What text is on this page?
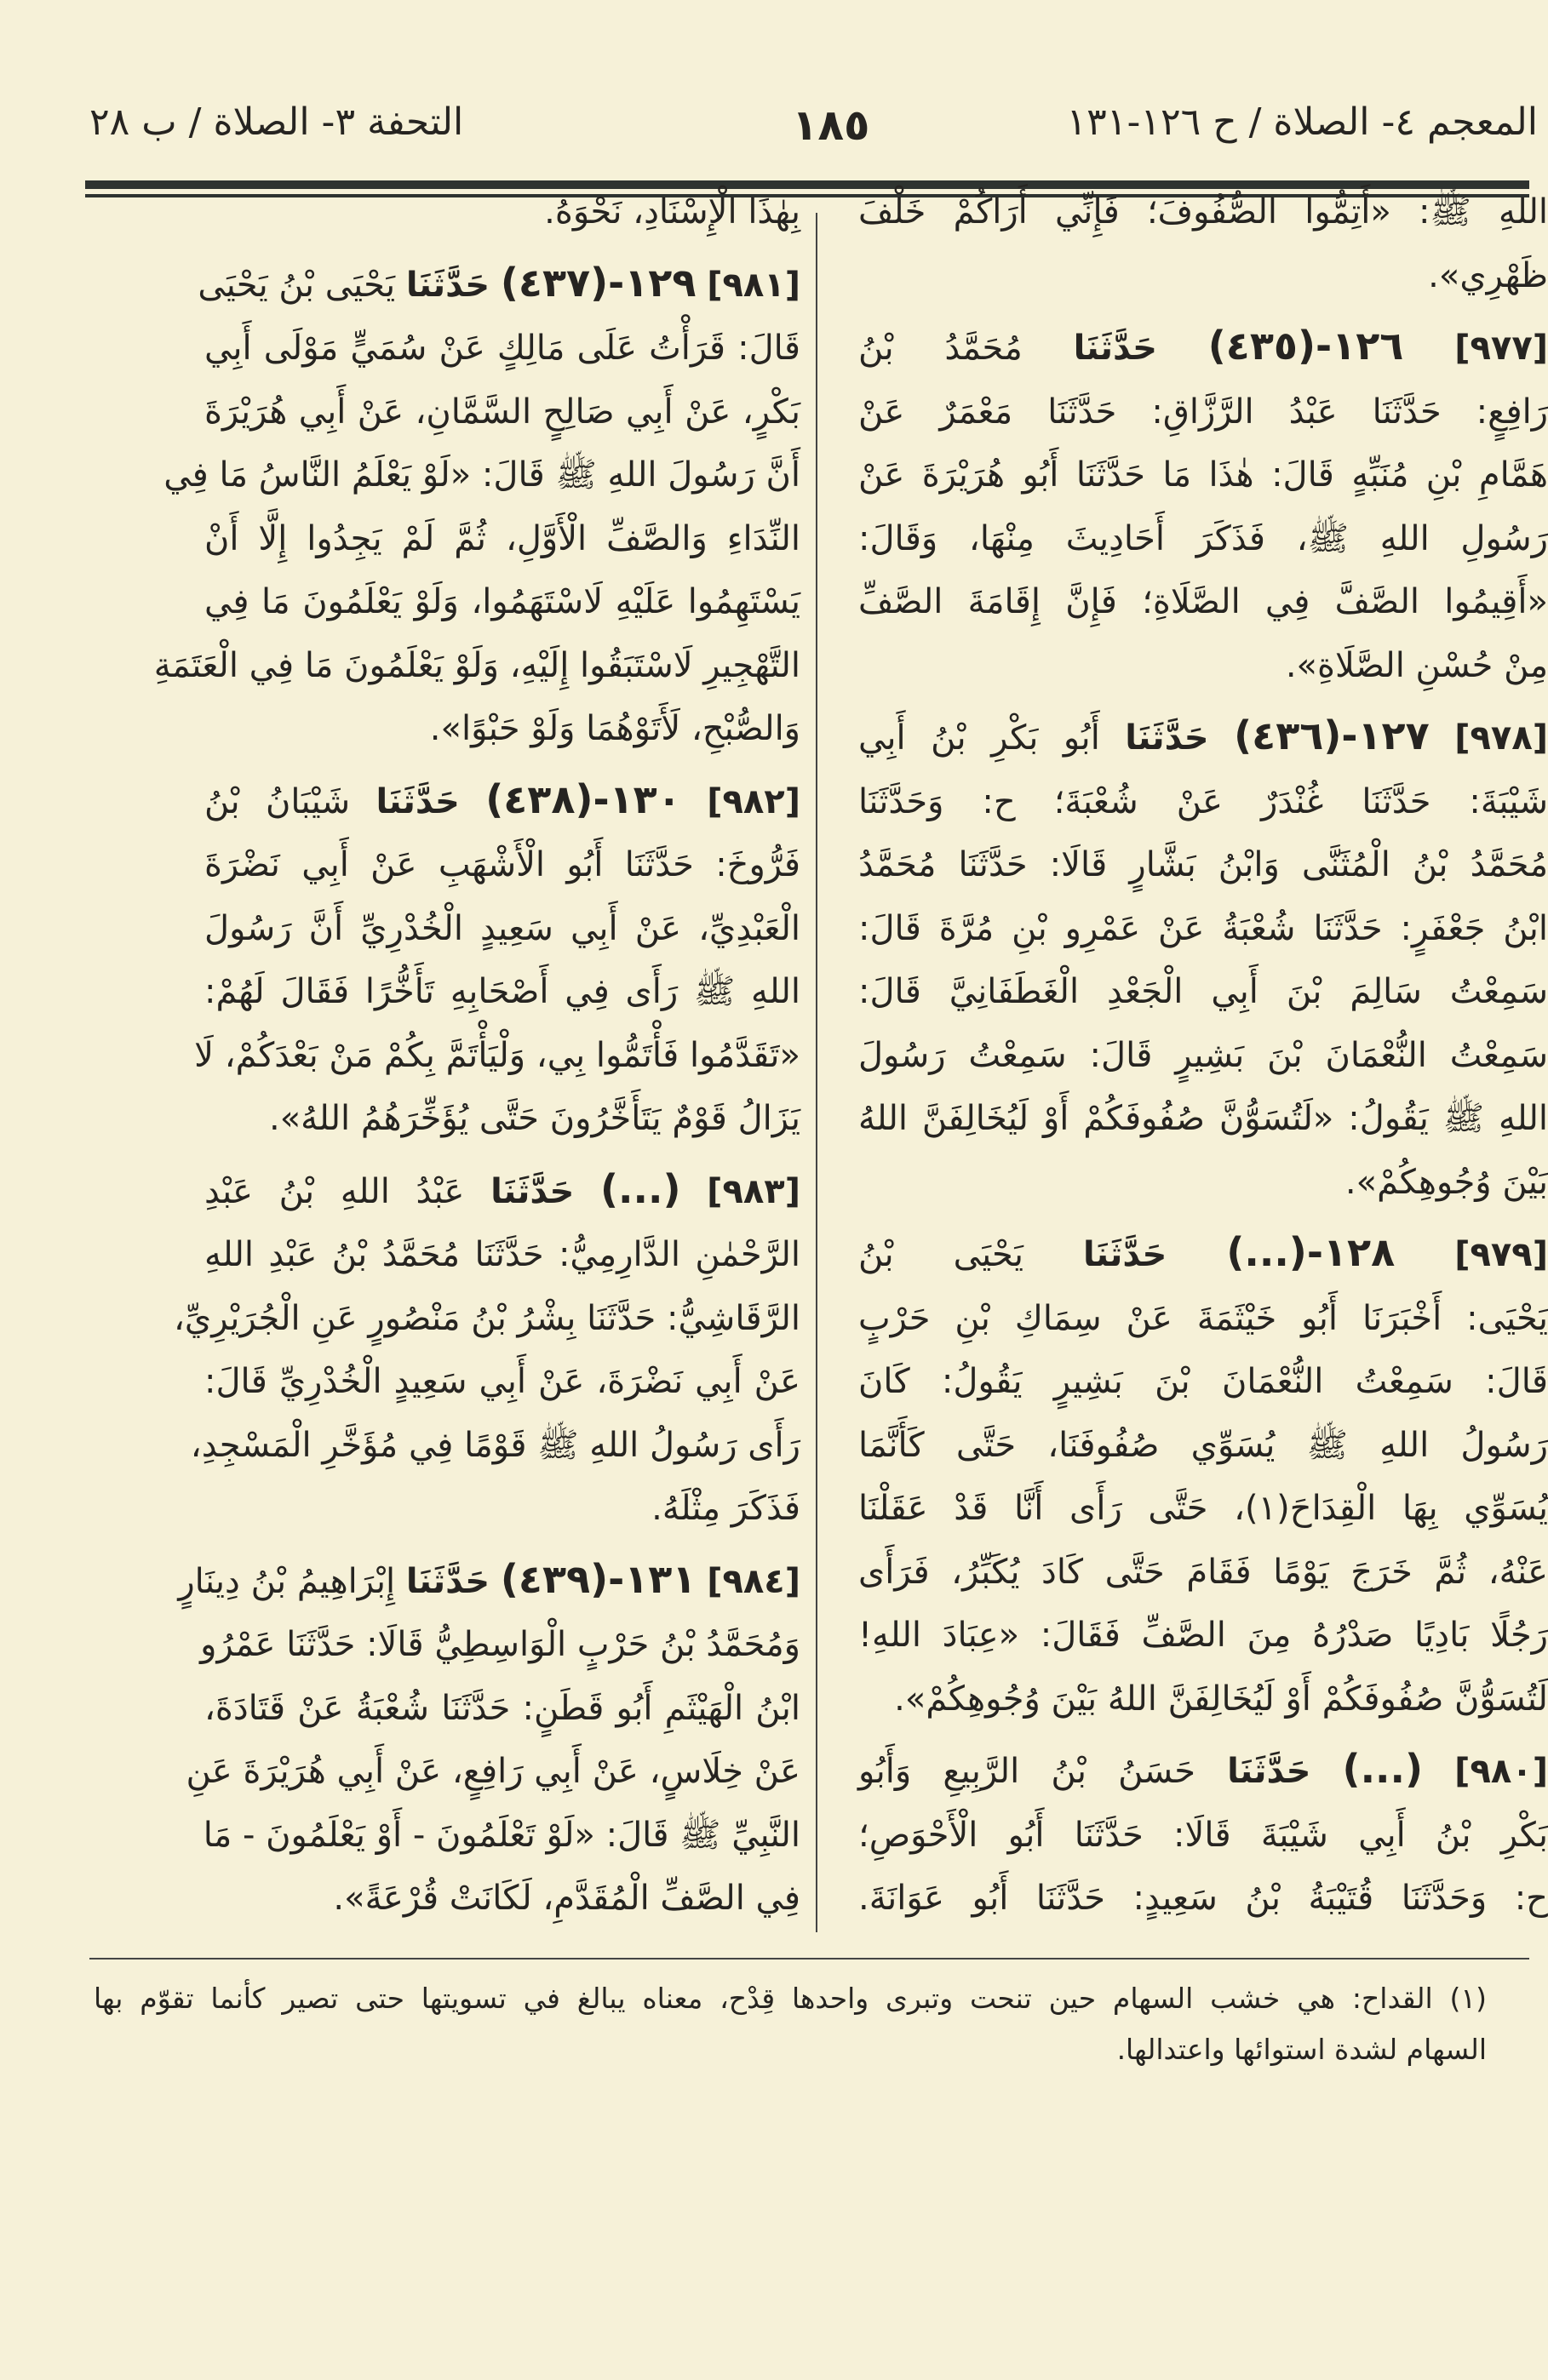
المعجم ٤- الصلاة / ح ١٢٦-١٣١
١٨٥
التحفة ٣- الصلاة / ب ٢٨
اللهِ ﷺ: «أَتِمُّوا الصُّفُوفَ؛ فَإِنِّي أَرَاكُمْ خَلْفَ
ظَهْرِي».
[٩٧٧] ١٢٦-(٤٣٥) حَدَّثَنَا مُحَمَّدُ بْنُ
رَافِعٍ: حَدَّثَنَا عَبْدُ الرَّزَّاقِ: حَدَّثَنَا مَعْمَرٌ عَنْ
هَمَّامِ بْنِ مُنَبِّهٍ قَالَ: هٰذَا مَا حَدَّثَنَا أَبُو هُرَيْرَةَ عَنْ
رَسُولِ اللهِ ﷺ، فَذَكَرَ أَحَادِيثَ مِنْهَا، وَقَالَ:
«أَقِيمُوا الصَّفَّ فِي الصَّلَاةِ؛ فَإِنَّ إِقَامَةَ الصَّفِّ
مِنْ حُسْنِ الصَّلَاةِ».
[٩٧٨] ١٢٧-(٤٣٦) حَدَّثَنَا أَبُو بَكْرِ بْنُ أَبِي
شَيْبَةَ: حَدَّثَنَا غُنْدَرٌ عَنْ شُعْبَةَ؛ ح: وَحَدَّثَنَا
مُحَمَّدُ بْنُ الْمُثَنَّى وَابْنُ بَشَّارٍ قَالَا: حَدَّثَنَا مُحَمَّدُ
ابْنُ جَعْفَرٍ: حَدَّثَنَا شُعْبَةُ عَنْ عَمْرِو بْنِ مُرَّةَ قَالَ:
سَمِعْتُ سَالِمَ بْنَ أَبِي الْجَعْدِ الْغَطَفَانِيَّ قَالَ:
سَمِعْتُ النُّعْمَانَ بْنَ بَشِيرٍ قَالَ: سَمِعْتُ رَسُولَ
اللهِ ﷺ يَقُولُ: «لَتُسَوُّنَّ صُفُوفَكُمْ أَوْ لَيُخَالِفَنَّ اللهُ
بَيْنَ وُجُوهِكُمْ».
[٩٧٩] ١٢٨-(...) حَدَّثَنَا يَحْيَى بْنُ
يَحْيَى: أَخْبَرَنَا أَبُو خَيْثَمَةَ عَنْ سِمَاكِ بْنِ حَرْبٍ
قَالَ: سَمِعْتُ النُّعْمَانَ بْنَ بَشِيرٍ يَقُولُ: كَانَ
رَسُولُ اللهِ ﷺ يُسَوِّي صُفُوفَنَا، حَتَّى كَأَنَّمَا
يُسَوِّي بِهَا الْقِدَاحَ(١)، حَتَّى رَأَى أَنَّا قَدْ عَقَلْنَا
عَنْهُ، ثُمَّ خَرَجَ يَوْمًا فَقَامَ حَتَّى كَادَ يُكَبِّرُ، فَرَأَى
رَجُلًا بَادِيًا صَدْرُهُ مِنَ الصَّفِّ فَقَالَ: «عِبَادَ اللهِ!
لَتُسَوُّنَّ صُفُوفَكُمْ أَوْ لَيُخَالِفَنَّ اللهُ بَيْنَ وُجُوهِكُمْ».
[٩٨٠] (...) حَدَّثَنَا حَسَنُ بْنُ الرَّبِيعِ وَأَبُو
بَكْرِ بْنُ أَبِي شَيْبَةَ قَالَا: حَدَّثَنَا أَبُو الْأَحْوَصِ؛
ح: وَحَدَّثَنَا قُتَيْبَةُ بْنُ سَعِيدٍ: حَدَّثَنَا أَبُو عَوَانَةَ.
بِهٰذَا الْإِسْنَادِ، نَحْوَهُ.
[٩٨١] ١٢٩-(٤٣٧) حَدَّثَنَا يَحْيَى بْنُ يَحْيَى
قَالَ: قَرَأْتُ عَلَى مَالِكٍ عَنْ سُمَيٍّ مَوْلَى أَبِي
بَكْرٍ، عَنْ أَبِي صَالِحٍ السَّمَّانِ، عَنْ أَبِي هُرَيْرَةَ
أَنَّ رَسُولَ اللهِ ﷺ قَالَ: «لَوْ يَعْلَمُ النَّاسُ مَا فِي
النِّدَاءِ وَالصَّفِّ الْأَوَّلِ، ثُمَّ لَمْ يَجِدُوا إِلَّا أَنْ
يَسْتَهِمُوا عَلَيْهِ لَاسْتَهَمُوا، وَلَوْ يَعْلَمُونَ مَا فِي
التَّهْجِيرِ لَاسْتَبَقُوا إِلَيْهِ، وَلَوْ يَعْلَمُونَ مَا فِي الْعَتَمَةِ
وَالصُّبْحِ، لَأَتَوْهُمَا وَلَوْ حَبْوًا».
[٩٨٢] ١٣٠-(٤٣٨) حَدَّثَنَا شَيْبَانُ بْنُ
فَرُّوخَ: حَدَّثَنَا أَبُو الْأَشْهَبِ عَنْ أَبِي نَضْرَةَ
الْعَبْدِيِّ، عَنْ أَبِي سَعِيدٍ الْخُدْرِيِّ أَنَّ رَسُولَ
اللهِ ﷺ رَأَى فِي أَصْحَابِهِ تَأَخُّرًا فَقَالَ لَهُمْ:
«تَقَدَّمُوا فَأْتَمُّوا بِي، وَلْيَأْتَمَّ بِكُمْ مَنْ بَعْدَكُمْ، لَا
يَزَالُ قَوْمٌ يَتَأَخَّرُونَ حَتَّى يُؤَخِّرَهُمُ اللهُ».
[٩٨٣] (...) حَدَّثَنَا عَبْدُ اللهِ بْنُ عَبْدِ
الرَّحْمٰنِ الدَّارِمِيُّ: حَدَّثَنَا مُحَمَّدُ بْنُ عَبْدِ اللهِ
الرَّقَاشِيُّ: حَدَّثَنَا بِشْرُ بْنُ مَنْصُورٍ عَنِ الْجُرَيْرِيِّ،
عَنْ أَبِي نَضْرَةَ، عَنْ أَبِي سَعِيدٍ الْخُدْرِيِّ قَالَ:
رَأَى رَسُولُ اللهِ ﷺ قَوْمًا فِي مُؤَخَّرِ الْمَسْجِدِ،
فَذَكَرَ مِثْلَهُ.
[٩٨٤] ١٣١-(٤٣٩) حَدَّثَنَا إِبْرَاهِيمُ بْنُ دِينَارٍ
وَمُحَمَّدُ بْنُ حَرْبٍ الْوَاسِطِيُّ قَالَا: حَدَّثَنَا عَمْرُو
ابْنُ الْهَيْثَمِ أَبُو قَطَنٍ: حَدَّثَنَا شُعْبَةُ عَنْ قَتَادَةَ،
عَنْ خِلَاسٍ، عَنْ أَبِي رَافِعٍ، عَنْ أَبِي هُرَيْرَةَ عَنِ
النَّبِيِّ ﷺ قَالَ: «لَوْ تَعْلَمُونَ - أَوْ يَعْلَمُونَ - مَا
فِي الصَّفِّ الْمُقَدَّمِ، لَكَانَتْ قُرْعَةً».
(١) القداح: هي خشب السهام حين تنحت وتبرى واحدها قِدْح، معناه يبالغ في تسويتها حتى تصير كأنما تقوّم بها
السهام لشدة استوائها واعتدالها.
